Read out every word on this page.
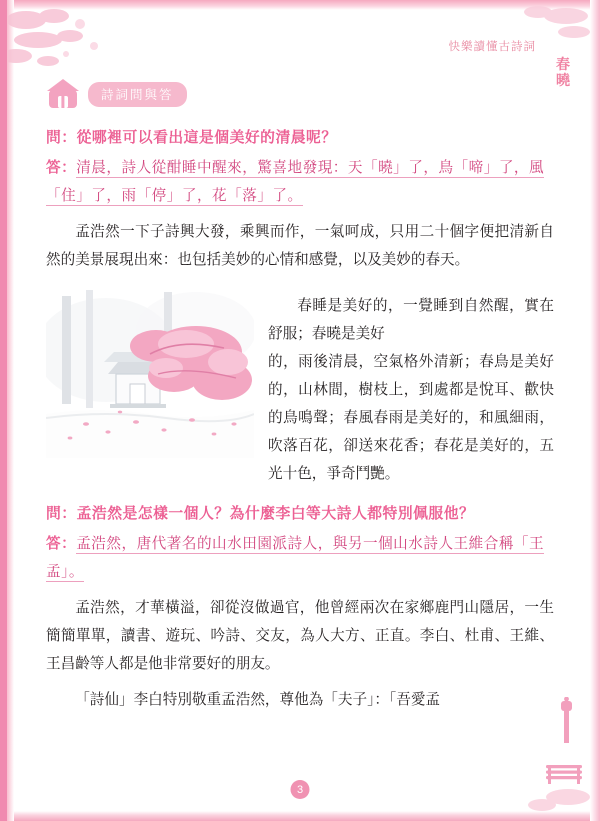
快樂讀懂古詩詞
春曉
詩詞問與答
問：從哪裡可以看出這是個美好的清晨呢？
答：清晨，詩人從酣睡中醒來，驚喜地發現：天「曉」了，鳥「啼」了，風「住」了，雨「停」了，花「落」了。

孟浩然一下子詩興大發，乘興而作，一氣呵成，只用二十個字便把清新自然的美景展現出來：也包括美妙的心情和感覺，以及美妙的春天。

春睡是美好的，一覺睡到自然醒，實在舒服；春曉是美好

的，雨後清晨，空氣格外清新；春鳥是美好的，山林間，樹枝上，到處都是悅耳、歡快的鳥鳴聲；春風春雨是美好的，和風細雨，吹落百花，卻送來花香；春花是美好的，五光十色，爭奇鬥艷。

問：孟浩然是怎樣一個人？為什麼李白等大詩人都特別佩服他？
答：孟浩然，唐代著名的山水田園派詩人，與另一個山水詩人王維合稱「王孟」。

孟浩然，才華橫溢，卻從沒做過官，他曾經兩次在家鄉鹿門山隱居，一生簡簡單單，讀書、遊玩、吟詩、交友，為人大方、正直。李白、杜甫、王維、王昌齡等人都是他非常要好的朋友。

「詩仙」李白特別敬重孟浩然，尊他為「夫子」：「吾愛孟

3
